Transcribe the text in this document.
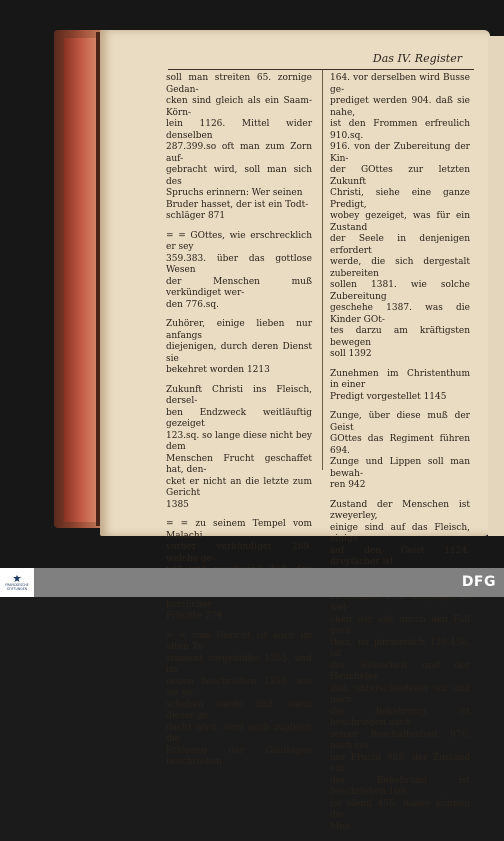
Das IV. Register
soll man streiten 65. zornige Gedan-
cken sind gleich als ein Saam-Körn-
lein 1126. Mittel wider denselben
287.399.so oft man zum Zorn auf-
gebracht wird, soll man sich des
Spruchs erinnern: Wer seinen
Bruder hasset, der ist ein Todt-
schläger 871
= = GOttes, wie erschrecklich er sey
359.383. über das gottlose Wesen
der Menschen muß verkündiget wer-
den 776.sq.
Zuhörer, einige lieben nur anfangs
diejenigen, durch deren Dienst sie
bekehret worden 1213
Zukunft Christi ins Fleisch, dersel-
ben Endzweck weitläuftig gezeiget
123.sq. so lange diese nicht bey dem
Menschen Frucht geschaffet hat, den-
cket er nicht an die letzte zum Gericht
1385
= = zu seinem Tempel vom Malachi
vorher verkündiget 269. welche ge-

herrlicher
Früchte 274
= = zum Gericht ist auch im alten Te-
stament vorgebildet 1355. und im
neuen beschrieben 1356. wie sie ge-
schehen werde ibid. wenn dieser ge-
dacht wird, wird auch zugleich die
Erlösung der Gläubigen beschrieben
164. vor derselben wird Busse ge-
prediget werden 904. daß sie nahe,
ist den Frommen erfreulich 910.sq.
916. von der Zubereitung der Kin-
der GOttes zur letzten Zukunft
Christi, siehe eine ganze Predigt,
wobey gezeiget, was für ein Zustand
der Seele in denjenigen erfordert
werde, die sich dergestalt zubereiten
sollen 1381. wie solche Zubereitung
geschehe 1387. was die Kinder GOt-
tes darzu am kräftigsten bewegen
soll 1392
Zunehmen im Christenthum in einer
Predigt vorgestellet 1145
Zunge, über diese muß der Geist
GOttes das Regiment führen 694.
Zunge und Lippen soll man bewah-
ren 942
Zustand der Menschen ist zweyerley,
einige sind auf das Fleisch, einige
auf den Geist 1124. dreyfacher ist

wel-
chen wir alle durch den Fall gera-
then, ist jämmerlich 129.456. ist
der Sicherheit und der Heucheley
ibid. unterschiedener vor und nach
der Bekehrung, ist beschrieben nach
seiner Beschaffenheit 976. nach sei-
ner Frucht 985. der Zustand vor
der Bekehrung ist beschrieben 109.
ist elend 456. dabey können die
Men-
FRANCKESCHE
STIFTUNGEN	DFG
